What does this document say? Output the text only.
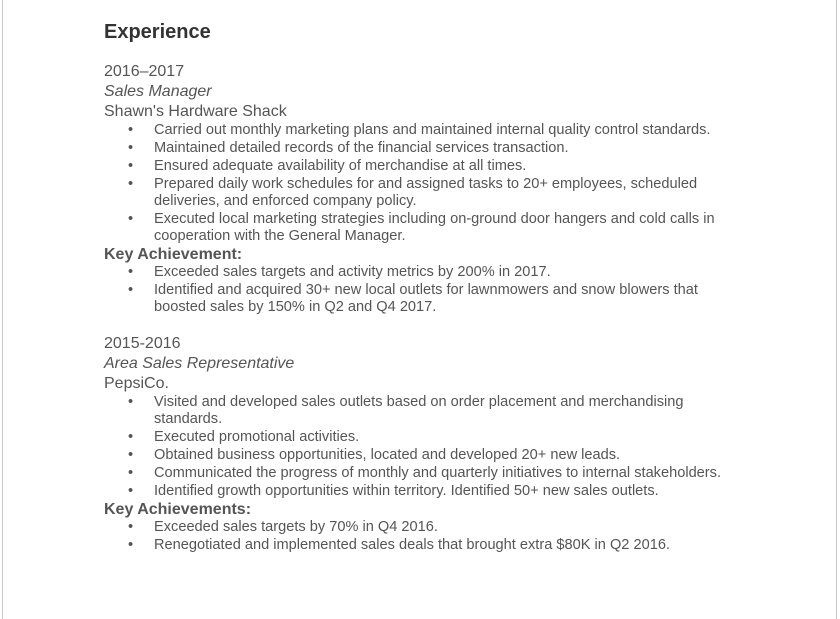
Experience

2016–2017

Sales Manager

Shawn's Hardware Shack

• Carried out monthly marketing plans and maintained internal quality control standards.
• Maintained detailed records of the financial services transaction.
• Ensured adequate availability of merchandise at all times.
• Prepared daily work schedules for and assigned tasks to 20+ employees, scheduled deliveries, and enforced company policy.
• Executed local marketing strategies including on-ground door hangers and cold calls in cooperation with the General Manager.

Key Achievement:

• Exceeded sales targets and activity metrics by 200% in 2017.
• Identified and acquired 30+ new local outlets for lawnmowers and snow blowers that boosted sales by 150% in Q2 and Q4 2017.

2015-2016

Area Sales Representative

PepsiCo.

• Visited and developed sales outlets based on order placement and merchandising standards.
• Executed promotional activities.
• Obtained business opportunities, located and developed 20+ new leads.
• Communicated the progress of monthly and quarterly initiatives to internal stakeholders.
• Identified growth opportunities within territory. Identified 50+ new sales outlets.

Key Achievements:

• Exceeded sales targets by 70% in Q4 2016.
• Renegotiated and implemented sales deals that brought extra $80K in Q2 2016.
